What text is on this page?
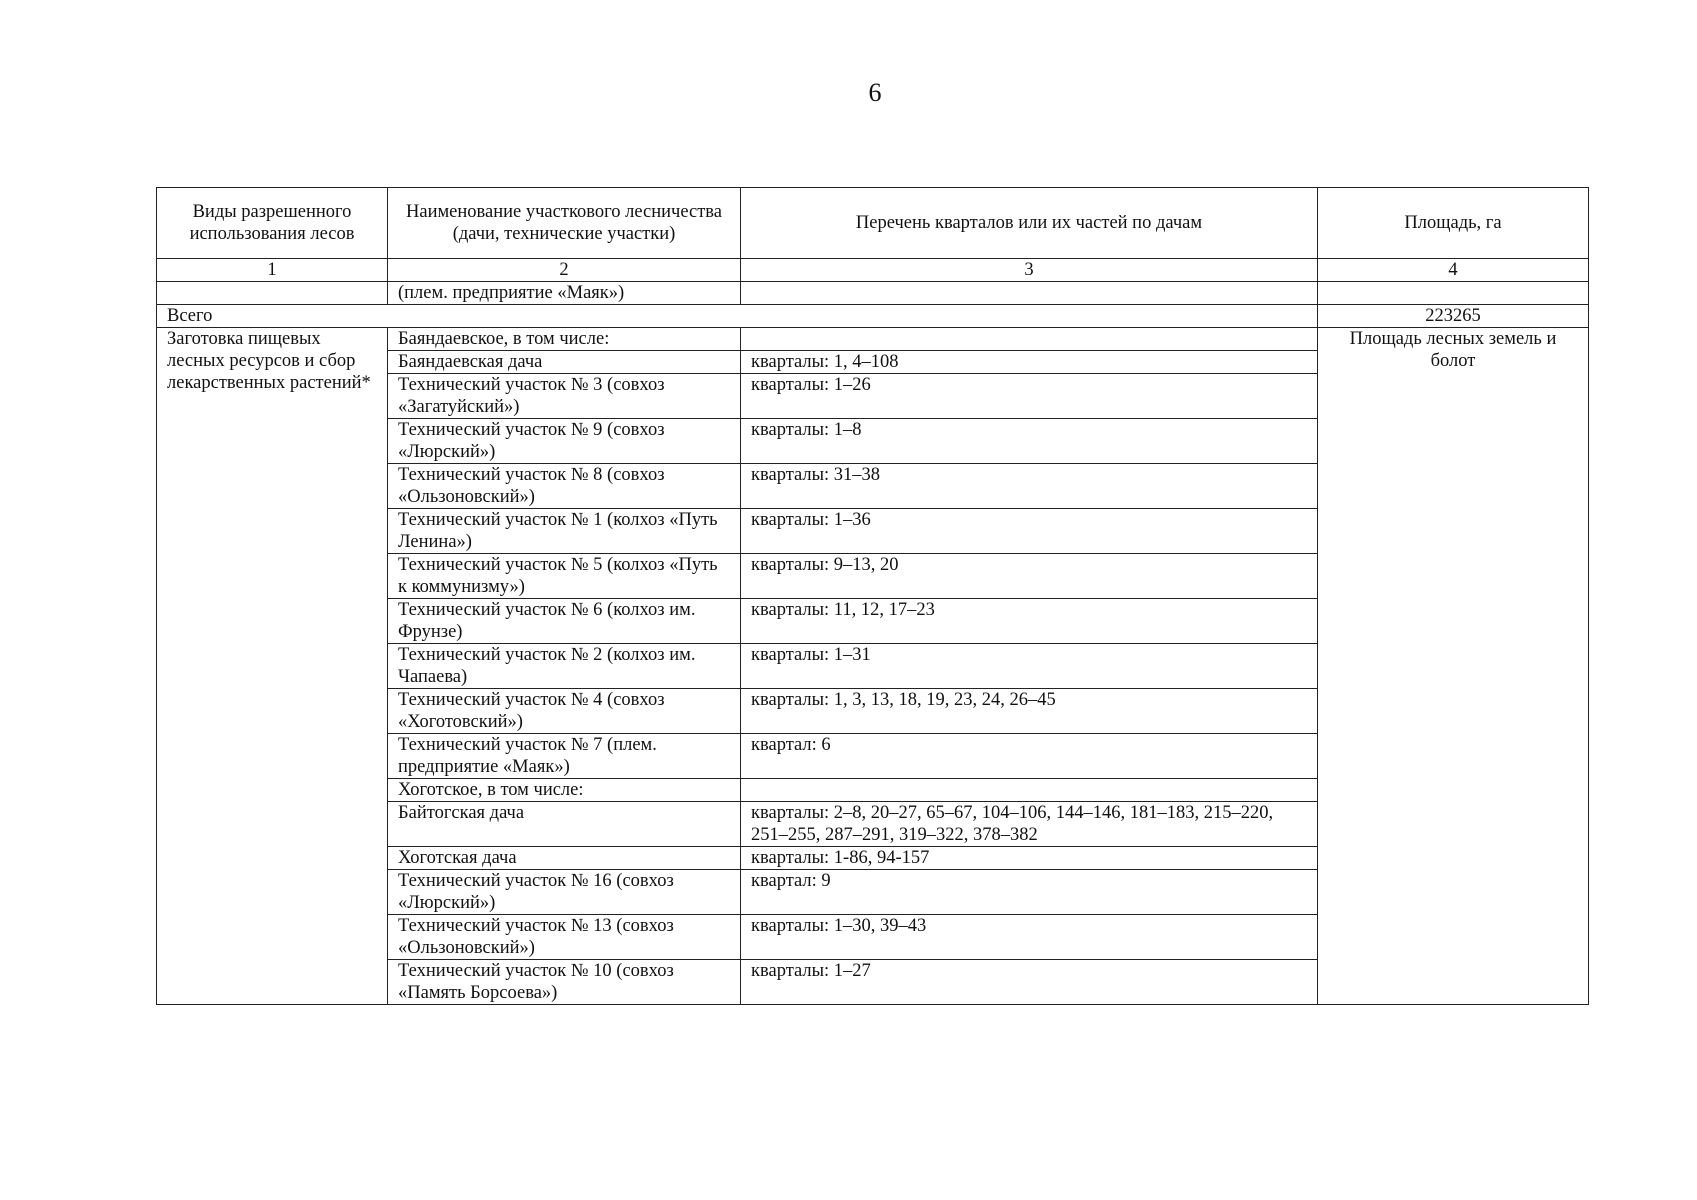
6
Виды разрешенного использования лесов	Наименование участкового лесничества (дачи, технические участки)	Перечень кварталов или их частей по дачам	Площадь, га
1	2	3	4
	(плем. предприятие «Маяк»)		
Всего			223265
Заготовка пищевых лесных ресурсов и сбор лекарственных растений*	Баяндаевское, в том числе:		Площадь лесных земель и болот
	Баяндаевская дача	кварталы: 1, 4–108	
	Технический участок № 3 (совхоз «Загатуйский»)	кварталы: 1–26	
	Технический участок № 9 (совхоз «Люрский»)	кварталы: 1–8	
	Технический участок № 8 (совхоз «Ользоновский»)	кварталы: 31–38	
	Технический участок № 1 (колхоз «Путь Ленина»)	кварталы: 1–36	
	Технический участок № 5 (колхоз «Путь к коммунизму»)	кварталы: 9–13, 20	
	Технический участок № 6 (колхоз им. Фрунзе)	кварталы: 11, 12, 17–23	
	Технический участок № 2 (колхоз им. Чапаева)	кварталы: 1–31	
	Технический участок № 4 (совхоз «Хоготовский»)	кварталы: 1, 3, 13, 18, 19, 23, 24, 26–45	
	Технический участок № 7 (плем. предприятие «Маяк»)	квартал: 6	
	Хоготское, в том числе:		
	Байтогская дача	кварталы: 2–8, 20–27, 65–67, 104–106, 144–146, 181–183, 215–220, 251–255, 287–291, 319–322, 378–382	
	Хоготская дача	кварталы: 1-86, 94-157	
	Технический участок № 16 (совхоз «Люрский»)	квартал: 9	
	Технический участок № 13 (совхоз «Ользоновский»)	кварталы: 1–30, 39–43	
	Технический участок № 10 (совхоз «Память Борсоева»)	кварталы: 1–27	
